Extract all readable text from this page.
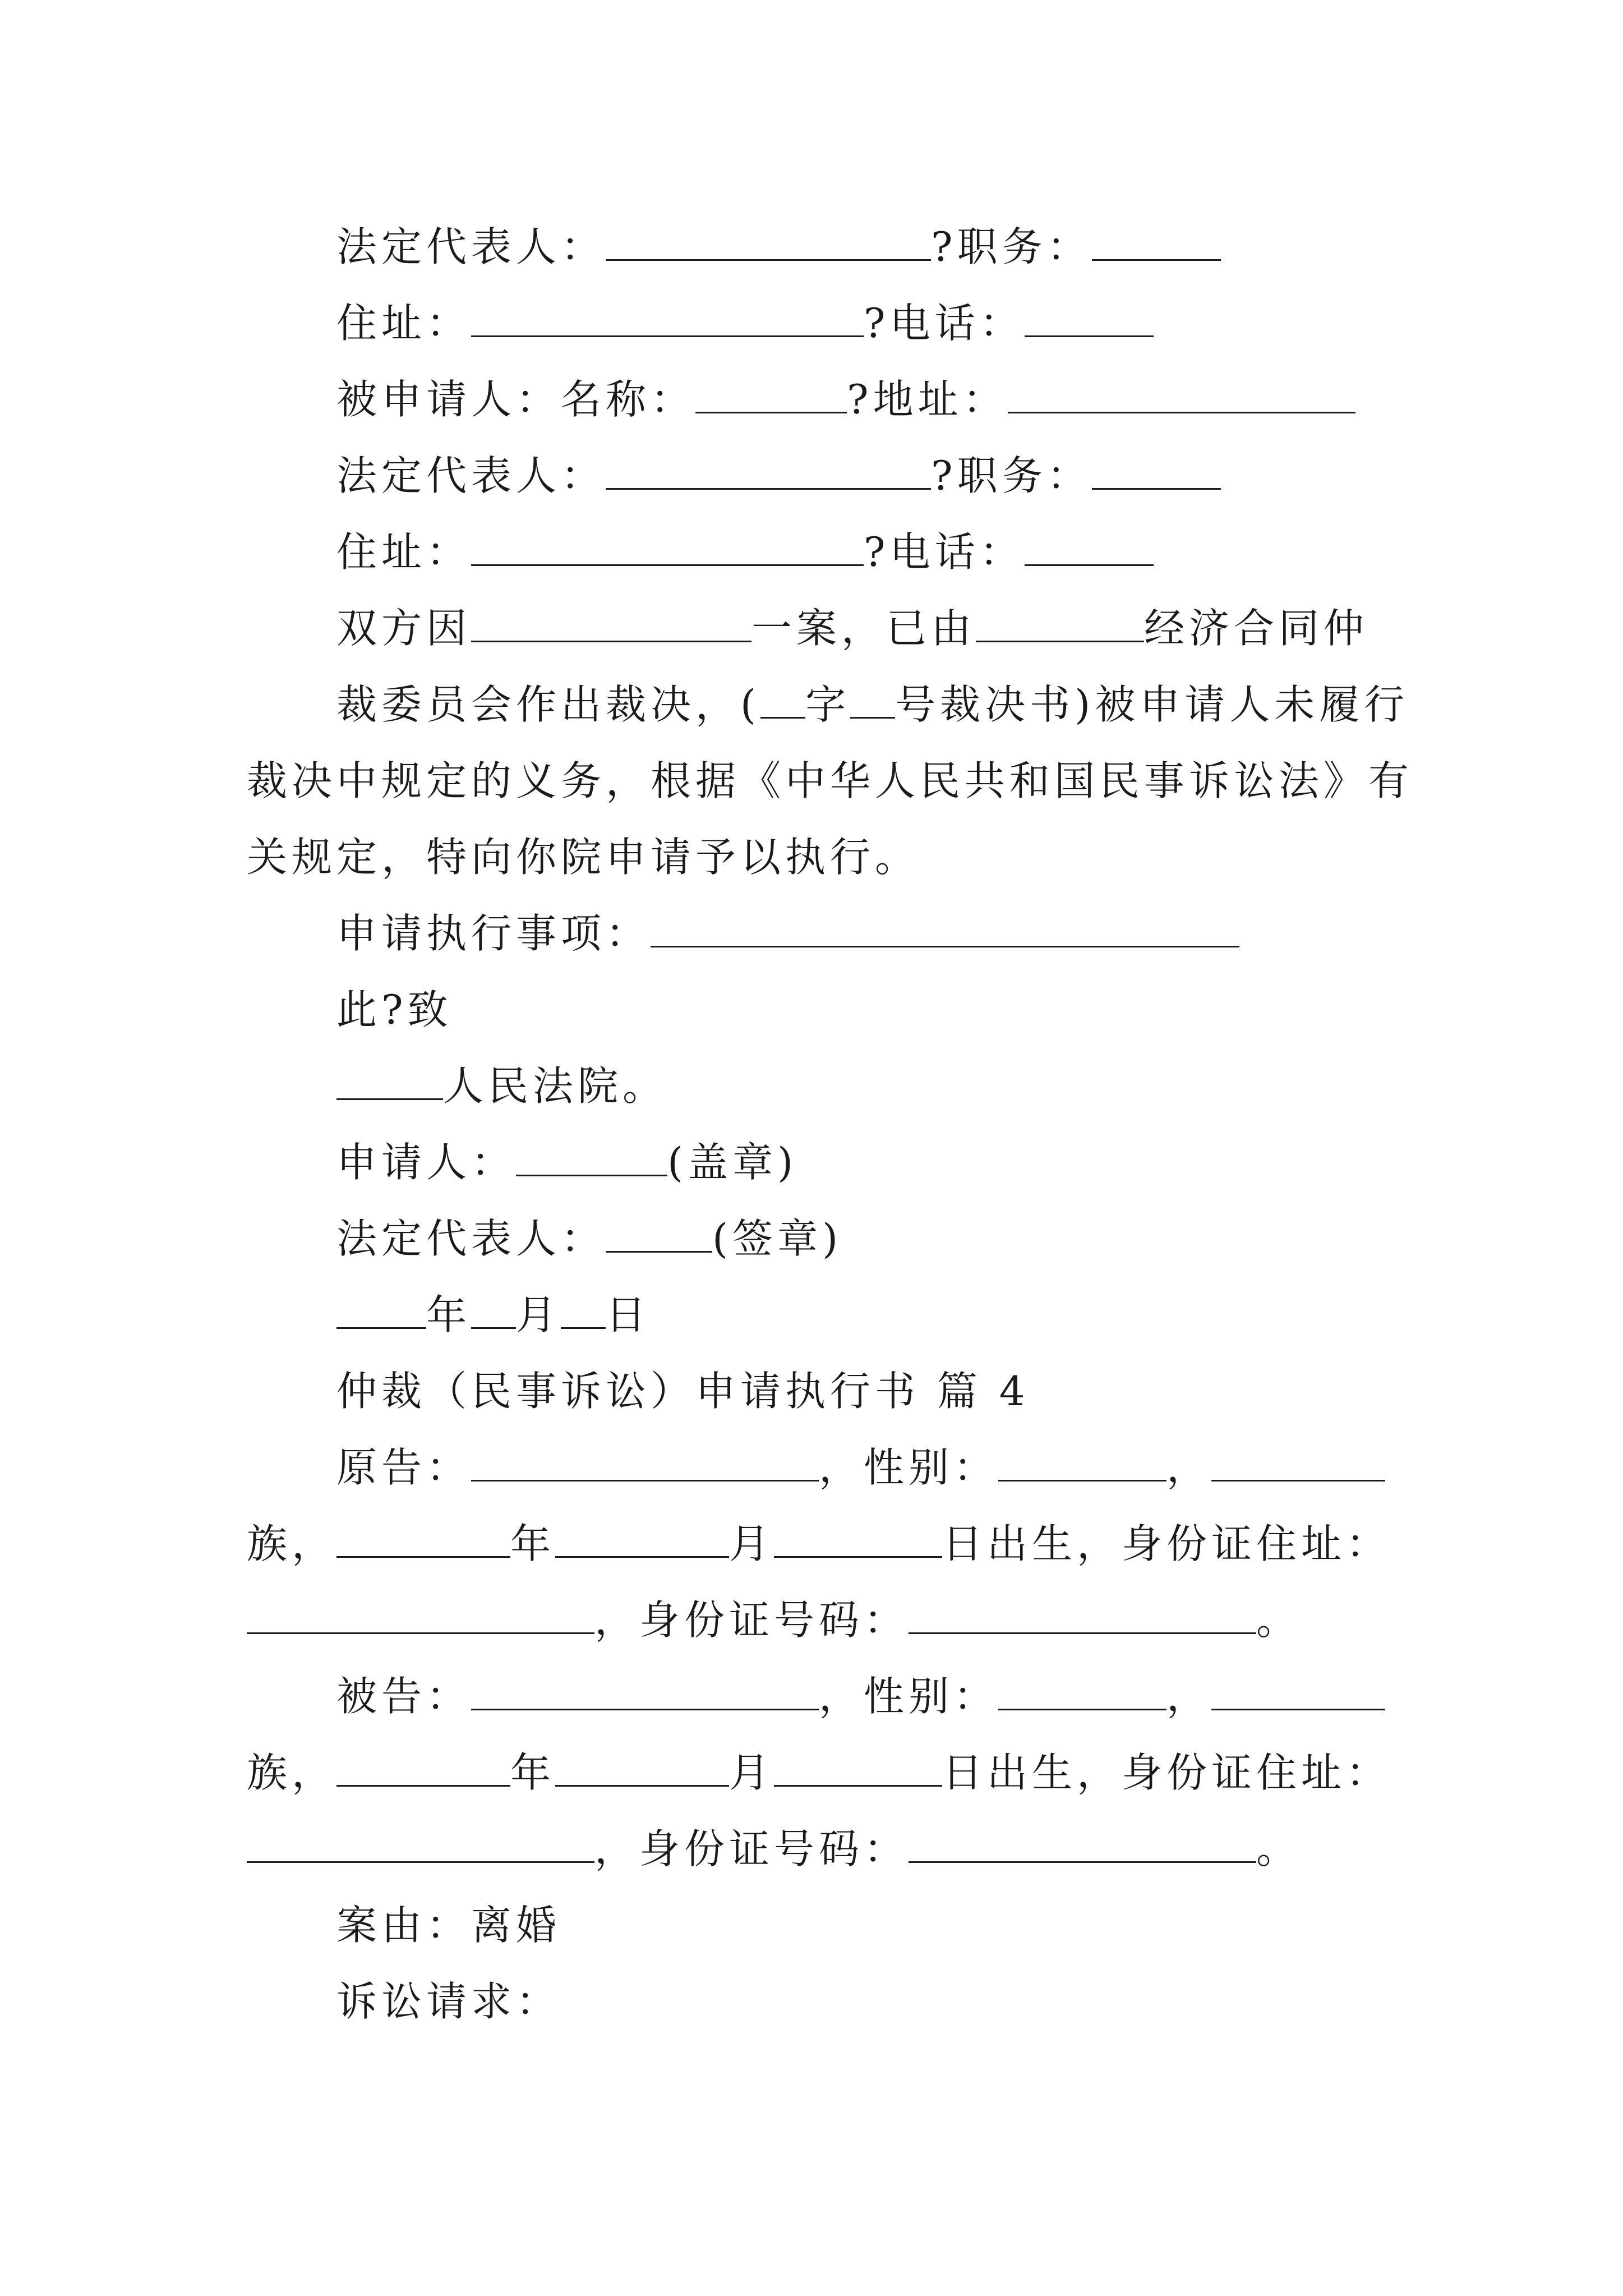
法定代表人：	?职务：
住址：	?电话：
被申请人：名称：	?地址：
法定代表人：	?职务：
住址：	?电话：
双方因	一案，已由	经济合同仲
裁委员会作出裁决，( 字 号裁决书)被申请人未履行
裁决中规定的义务，根据《中华人民共和国民事诉讼法》有
关规定，特向你院申请予以执行。
申请执行事项：
此?致
人民法院。
申请人：	(盖章)
法定代表人：	(签章)
年 月 日
仲裁（民事诉讼）申请执行书 篇 4
原告：	，性别：	，
族，	年	月	日出生，身份证住址：
，身份证号码：	。
被告：	，性别：	，
族，	年	月	日出生，身份证住址：
，身份证号码：	。
案由：离婚
诉讼请求：
